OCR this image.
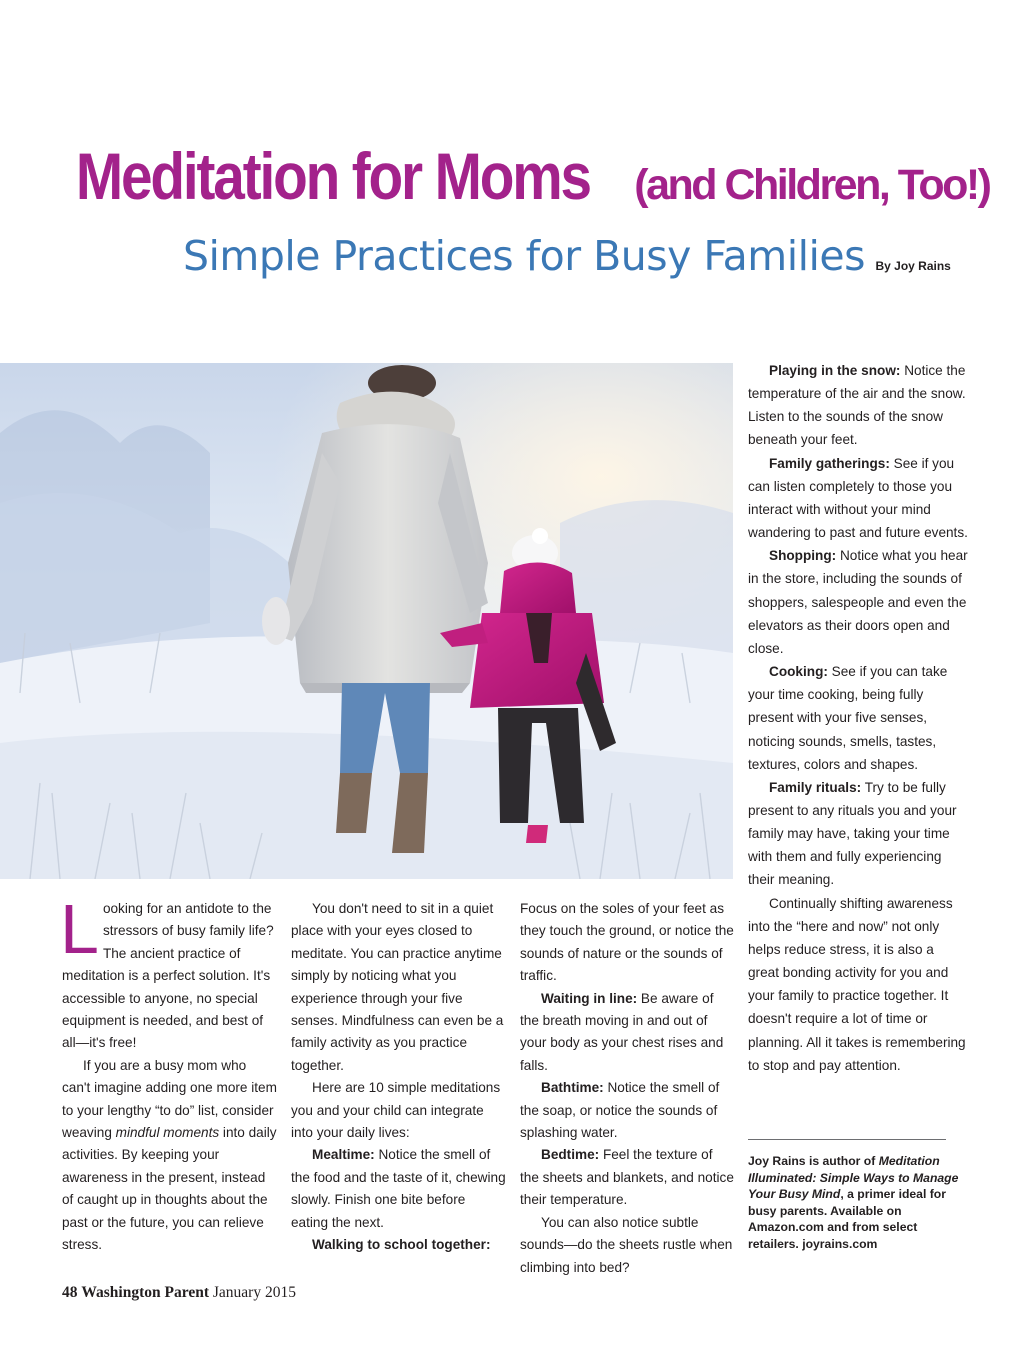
Meditation for Moms (and Children, Too!)
Simple Practices for Busy Families By Joy Rains

Looking for an antidote to the stressors of busy family life? The ancient practice of meditation is a perfect solution. It's accessible to anyone, no special equipment is needed, and best of all—it's free!

If you are a busy mom who can't imagine adding one more item to your lengthy “to do” list, consider weaving mindful moments into daily activities. By keeping your awareness in the present, instead of caught up in thoughts about the past or the future, you can relieve stress.

You don't need to sit in a quiet place with your eyes closed to meditate. You can practice anytime simply by noticing what you experience through your five senses. Mindfulness can even be a family activity as you practice together.

Here are 10 simple meditations you and your child can integrate into your daily lives:

Mealtime: Notice the smell of the food and the taste of it, chewing slowly. Finish one bite before eating the next.

Walking to school together:

Focus on the soles of your feet as they touch the ground, or notice the sounds of nature or the sounds of traffic.

Waiting in line: Be aware of the breath moving in and out of your body as your chest rises and falls.

Bathtime: Notice the smell of the soap, or notice the sounds of splashing water.

Bedtime: Feel the texture of the sheets and blankets, and notice their temperature.

You can also notice subtle sounds—do the sheets rustle when climbing into bed?

Playing in the snow: Notice the temperature of the air and the snow. Listen to the sounds of the snow beneath your feet.

Family gatherings: See if you can listen completely to those you interact with without your mind wandering to past and future events.

Shopping: Notice what you hear in the store, including the sounds of shoppers, salespeople and even the elevators as their doors open and close.

Cooking: See if you can take your time cooking, being fully present with your five senses, noticing sounds, smells, tastes, textures, colors and shapes.

Family rituals: Try to be fully present to any rituals you and your family may have, taking your time with them and fully experiencing their meaning.

Continually shifting awareness into the “here and now” not only helps reduce stress, it is also a great bonding activity for you and your family to practice together. It doesn't require a lot of time or planning. All it takes is remembering to stop and pay attention.

Joy Rains is author of Meditation Illuminated: Simple Ways to Manage Your Busy Mind, a primer ideal for busy parents. Available on Amazon.com and from select retailers. joyrains.com
48 Washington Parent January 2015
